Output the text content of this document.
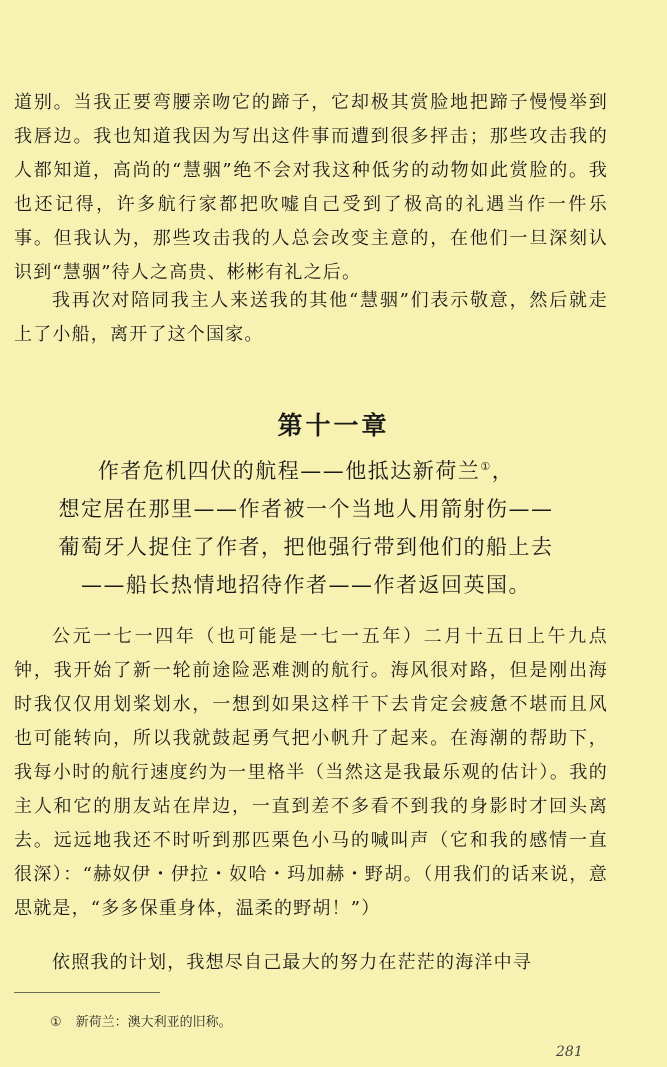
道别。当我正要弯腰亲吻它的蹄子，它却极其赏脸地把蹄子慢慢举到我唇边。我也知道我因为写出这件事而遭到很多抨击；那些攻击我的人都知道，高尚的“慧骃”绝不会对我这种低劣的动物如此赏脸的。我也还记得，许多航行家都把吹嘘自己受到了极高的礼遇当作一件乐事。但我认为，那些攻击我的人总会改变主意的，在他们一旦深刻认识到“慧骃”待人之高贵、彬彬有礼之后。

我再次对陪同我主人来送我的其他“慧骃”们表示敬意，然后就走上了小船，离开了这个国家。

第十一章
作者危机四伏的航程——他抵达新荷兰①，
想定居在那里——作者被一个当地人用箭射伤——
葡萄牙人捉住了作者，把他强行带到他们的船上去
——船长热情地招待作者——作者返回英国。

公元一七一四年（也可能是一七一五年）二月十五日上午九点钟，我开始了新一轮前途险恶难测的航行。海风很对路，但是刚出海时我仅仅用划桨划水，一想到如果这样干下去肯定会疲惫不堪而且风也可能转向，所以我就鼓起勇气把小帆升了起来。在海潮的帮助下，我每小时的航行速度约为一里格半（当然这是我最乐观的估计）。我的主人和它的朋友站在岸边，一直到差不多看不到我的身影时才回头离去。远远地我还不时听到那匹栗色小马的喊叫声（它和我的感情一直很深）：“赫奴伊・伊拉・奴哈・玛加赫・野胡。（用我们的话来说，意思就是，“多多保重身体，温柔的野胡！”）

依照我的计划，我想尽自己最大的努力在茫茫的海洋中寻

① 新荷兰：澳大利亚的旧称。
281
